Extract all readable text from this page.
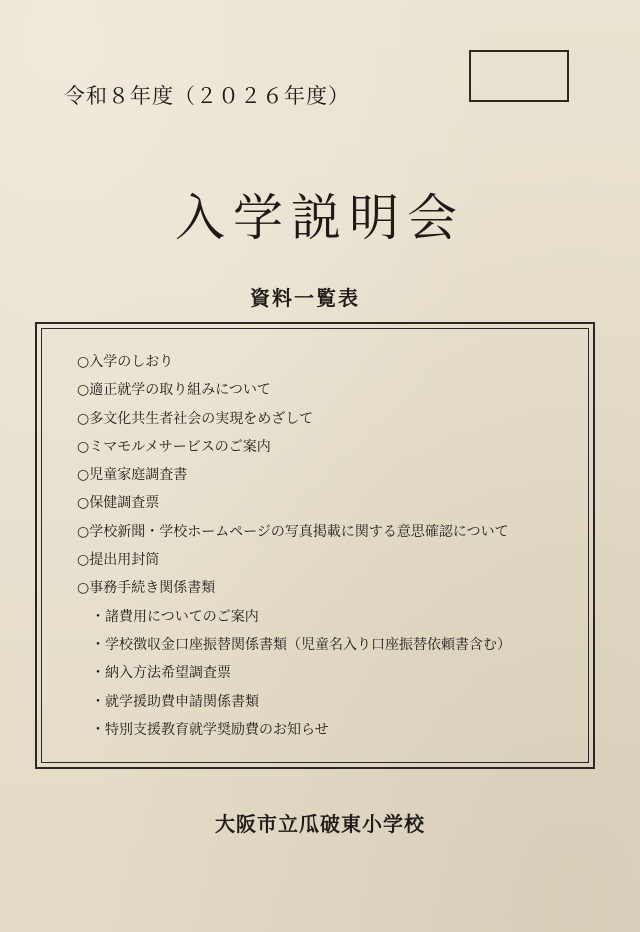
令和８年度（２０２６年度）
入学説明会
資料一覧表
○入学のしおり
○適正就学の取り組みについて
○多文化共生者社会の実現をめざして
○ミマモルメサービスのご案内
○児童家庭調査書
○保健調査票
○学校新聞・学校ホームページの写真掲載に関する意思確認について
○提出用封筒
○事務手続き関係書類
・諸費用についてのご案内
・学校徴収金口座振替関係書類（児童名入り口座振替依頼書含む）
・納入方法希望調査票
・就学援助費申請関係書類
・特別支援教育就学奨励費のお知らせ
大阪市立瓜破東小学校
